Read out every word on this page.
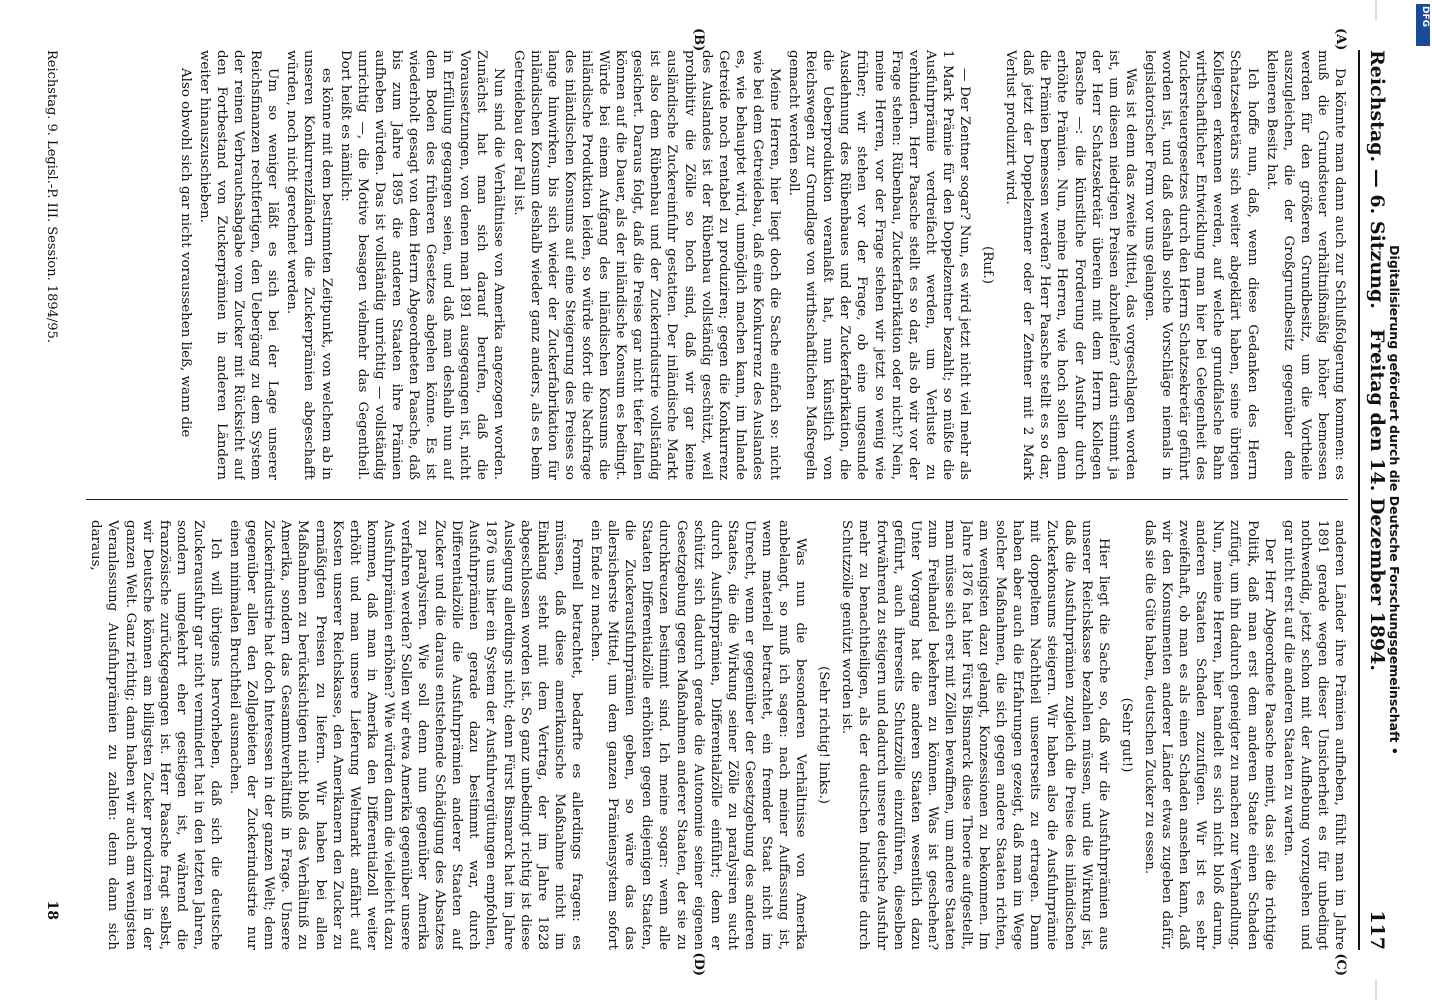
Reichstag. — 6. Sitzung.
Freitag den 14. Dezember 1894.
117
(A)
(B)
(C)
(D)

Da könnte man dann auch zur Schlußfolgerung kommen: es muß die Grundsteuer verhältnißmäßig höher bemessen werden für den größeren Grundbesitz, um die Vortheile auszugleichen, die der Großgrundbesitz gegenüber dem kleineren Besitz hat.

Ich hoffe nun, daß, wenn diese Gedanken des Herrn Schatzsekretärs sich weiter abgeklärt haben, seine übrigen Kollegen erkennen werden, auf welche grundfalsche Bahn wirthschaftlicher Entwicklung man hier bei Gelegenheit des Zuckersteuergesetzes durch den Herrn Schatzsekretär geführt worden ist, und daß deshalb solche Vorschläge niemals in legislatorischer Form vor uns gelangen.

Was ist denn das zweite Mittel, das vorgeschlagen worden ist, um diesen niedrigen Preisen abzuhelfen? darin stimmt ja der Herr Schatzsekretär überein mit dem Herrn Kollegen Paasche —: die künstliche Forderung der Ausfuhr durch erhöhte Prämien. Nun, meine Herren, wie hoch sollen denn die Prämien bemessen werden? Herr Paasche stellt es so dar, daß jetzt der Doppelzentner oder der Zentner mit 2 Mark Verlust produzirt wird.

(Ruf.)

— Der Zentner sogar? Nun, es wird jetzt nicht viel mehr als 1 Mark Prämie für den Doppelzentner bezahlt; so müßte die Ausfuhrprämie verdreifacht werden, um Verluste zu verhindern. Herr Paasche stellt es so dar, als ob wir vor der Frage stehen: Rübenbau, Zuckerfabrikation oder nicht? Nein, meine Herren, vor der Frage stehen wir jetzt so wenig wie früher; wir stehen vor der Frage, ob eine ungesunde Ausdehnung des Rübenbaues und der Zuckerfabrikation, die die Ueberproduktion veranlaßt hat, nun künstlich von Reichswegen zur Grundlage von wirthschaftlichen Maßregeln gemacht werden soll.

Meine Herren, hier liegt doch die Sache einfach so: nicht wie bei dem Getreidebau, daß eine Konkurrenz des Auslandes es, wie behauptet wird, unmöglich machen kann, im Inlande Getreide noch rentabel zu produziren; gegen die Konkurrenz des Auslandes ist der Rübenbau vollständig geschützt, weil prohibitiv die Zölle so hoch sind, daß wir gar keine ausländische Zuckereinfuhr gestatten. Der inländische Markt ist also dem Rübenbau und der Zuckerindustrie vollständig gesichert. Daraus folgt, daß die Preise gar nicht tiefer fallen können auf die Dauer, als der inländische Konsum es bedingt. Würde bei einem Aufgang des inländischen Konsums die inländische Produktion leiden, so würde sofort die Nachfrage des inländischen Konsums auf eine Steigerung des Preises so lange hinwirken, bis sich wieder der Zuckerfabrikation für inländischen Konsum deshalb wieder ganz anders, als es beim Getreidebau der Fall ist.

Nun sind die Verhältnisse von Amerika angezogen worden. Zunächst hat man sich darauf berufen, daß die Voraussetzungen, von denen man 1891 ausgegangen ist, nicht in Erfüllung gegangen seien, und daß man deshalb nun auf dem Boden des früheren Gesetzes abgehen könne. Es ist wiederholt gesagt von dem Herrn Abgeordneten Paasche, daß bis zum Jahre 1895 die anderen Staaten ihre Prämien aufheben würden. Das ist vollständig unrichtig — vollständig unrichtig —, die Motive besagen vielmehr das Gegentheil. Dort heißt es nämlich:

es könne mit dem bestimmten Zeitpunkt, von welchem ab in unseren Konkurrenzländern die Zuckerprämien abgeschafft würden, noch nicht gerechnet werden.

Um so weniger läßt es sich bei der Lage unserer Reichsfinanzen rechtfertigen, den Ueberg̈ang zu dem System der reinen Verbrauchsabgabe vom Zucker mit Rücksicht auf den Fortbestand von Zuckerprämien in anderen Ländern weiter hinauszuschieben.

Also obwohl sich gar nicht voraussehen ließ, wann die

anderen Länder ihre Prämien aufheben, fühlt man im Jahre 1891 gerade wegen dieser Unsicherheit es für unbedingt nothwendig, jetzt schon mit der Aufhebung vorzugehen und gar nicht erst auf die anderen Staaten zu warten.

Der Herr Abgeordnete Paasche meint, das sei die richtige Politik, daß man erst dem anderen Staate einen Schaden zufügt, um ihn dadurch geneigter zu machen zur Verhandlung. Nun, meine Herren, hier handelt es sich nicht bloß darum, anderen Staaten Schaden zuzufügen. Wir ist es sehr zweifelhaft, ob man es als einen Schaden ansehen kann, daß wir den Konsumenten anderer Länder etwas zugeben dafür, daß sie die Güte haben, deutschen Zucker zu essen.

(Sehr gut!)

Hier liegt die Sache so, daß wir die Ausfuhrprämien aus unserer Reichskasse bezahlen müssen, und die Wirkung ist, daß die Ausfuhrprämien zugleich die Preise des inländischen Zuckerkonsums steigern. Wir haben also die Ausfuhrprämie mit doppeltem Nachtheil unsererseits zu ertragen. Dann haben aber auch die Erfahrungen gezeigt, daß man im Wege solcher Maßnahmen, die sich gegen andere Staaten richten, am wenigsten dazu gelangt, Konzessionen zu bekommen. Im Jahre 1876 hat hier Fürst Bismarck diese Theorie aufgestellt, man müsse sich erst mit Zöllen bewaffnen, um andere Staaten zum Freihandel bekehren zu können. Was ist geschehen? Unter Vorgang hat die anderen Staaten wesentlich dazu geführt, auch ihrerseits Schutzzölle einzuführen, dieselben fortwährend zu steigern und dadurch unsere deutsche Ausfuhr mehr zu benachtheiligen, als der deutschen Industrie durch Schutzzölle genützt worden ist.

(Sehr richtig! links.)

Was nun die besonderen Verhältnisse von Amerika anbelangt, so muß ich sagen: nach meiner Auffassung ist, wenn materiell betrachtet, ein fremder Staat nicht im Unrecht, wenn er gegenüber der Gesetzgebung des anderen Staates, die die Wirkung seiner Zölle zu paralysiren sucht durch Ausfuhrprämien, Differentialzölle einführt; denn er schützt sich dadurch gerade die Autonomie seiner eigenen Gesetzgebung gegen Maßnahmen anderer Staaten, der sie zu durchkreuzen bestimmt sind. Ich meine sogar: wenn alle Staaten Differentialzölle erhöhten gegen diejenigen Staaten, die Zuckerausfuhrprämien geben, so wäre das das allersicherste Mittel, um dem ganzen Prämiensystem sofort ein Ende zu machen.

Formell betrachtet, bedarfte es allerdings fragen: es müssen, daß diese amerikanische Maßnahme nicht im Einklang steht mit dem Vertrag, der im Jahre 1828 abgeschlossen worden ist. So ganz unbedingt richtig ist diese Auslegung allerdings nicht; denn Fürst Bismarck hat im Jahre 1876 uns hier ein System der Ausfuhrvergütungen empfohlen, Ausfuhrprämien gerade dazu bestimmt war, durch Differentialzölle die Ausfuhrprämien anderer Staaten auf Zucker und die daraus entstehende Schädigung des Absatzes zu paralysiren. Wie soll denn nun gegenüber Amerika verfahren werden? Sollen wir etwa Amerika gegenüber unsere Ausfuhrprämien erhöhen? Wie würden dann die vielleicht dazu kommen, daß man in Amerika den Differentialzoll weiter erhöht und man unsere Lieferung Weltmarkt anfährt auf Kosten unserer Reichskasse, den Amerikanern den Zucker zu ermäßigten Preisen zu liefern. Wir haben bei allen Maßnahmen zu berücksichtigen nicht bloß das Verhältniß zu Amerika, sondern das Gesammtverhältniß in Frage. Unsere Zuckerindustrie hat doch Interessen in der ganzen Welt; denn gegenüber allen den Zollgebieten der Zuckerindustrie nur einen minimalen Bruchtheil ausmachen.

Ich will übrigens hervorheben, daß sich die deutsche Zuckerausfuhr gar nicht vermindert hat in den letzten Jahren, sondern umgekehrt eher gestiegen ist, während die französische zurückgegangen ist. Herr Paasche fragt selbst, wir Deutsche können am billigsten Zucker produziren in der ganzen Welt. Ganz richtig; dann haben wir auch am wenigsten Veranlassung Ausfuhrprämien zu zahlen: denn dann sich daraus,

Reichstag. 9. Legisl.-P. III. Session. 1894/95.
18
Digitalisierung gefördert durch die Deutsche Forschungsgemeinschaft •
DFG
